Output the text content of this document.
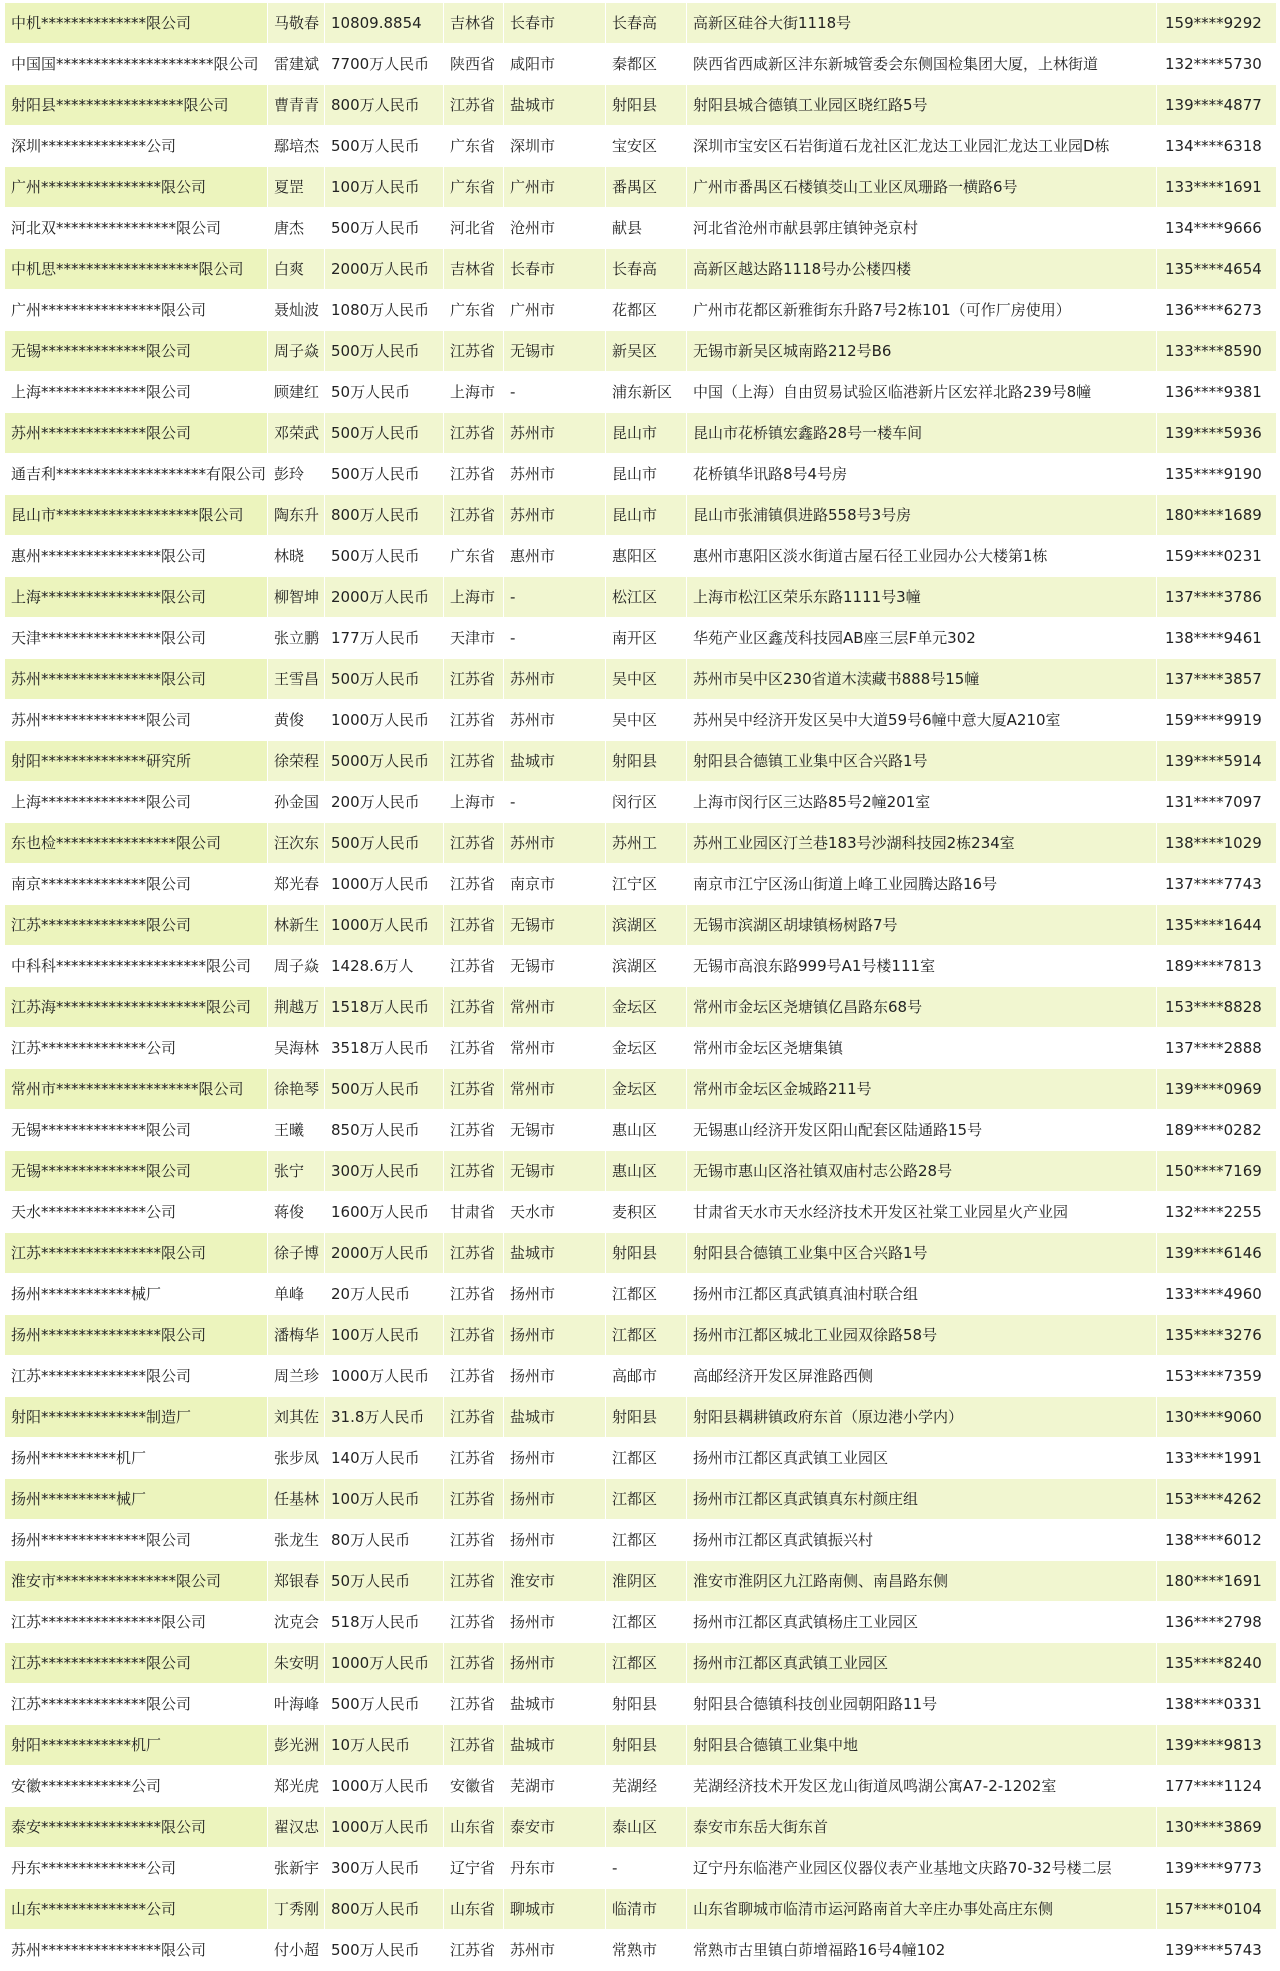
中机**************限公司	马敬春	10809.8854	吉林省	长春市	长春高	高新区硅谷大街1118号	159****9292
中国国*********************限公司	雷建斌	7700万人民币	陕西省	咸阳市	秦都区	陕西省西咸新区沣东新城管委会东侧国检集团大厦，上林街道	132****5730
射阳县*****************限公司	曹青青	800万人民币	江苏省	盐城市	射阳县	射阳县城合德镇工业园区晓红路5号	139****4877
深圳**************公司	鄢培杰	500万人民币	广东省	深圳市	宝安区	深圳市宝安区石岩街道石龙社区汇龙达工业园汇龙达工业园D栋	134****6318
广州****************限公司	夏罡	100万人民币	广东省	广州市	番禺区	广州市番禺区石楼镇茭山工业区凤珊路一横路6号	133****1691
河北双****************限公司	唐杰	500万人民币	河北省	沧州市	献县	河北省沧州市献县郭庄镇钟尧京村	134****9666
中机思*******************限公司	白爽	2000万人民币	吉林省	长春市	长春高	高新区越达路1118号办公楼四楼	135****4654
广州****************限公司	聂灿波	1080万人民币	广东省	广州市	花都区	广州市花都区新雅街东升路7号2栋101（可作厂房使用）	136****6273
无锡**************限公司	周子焱	500万人民币	江苏省	无锡市	新吴区	无锡市新吴区城南路212号B6	133****8590
上海**************限公司	顾建红	50万人民币	上海市	-	浦东新区	中国（上海）自由贸易试验区临港新片区宏祥北路239号8幢	136****9381
苏州**************限公司	邓荣武	500万人民币	江苏省	苏州市	昆山市	昆山市花桥镇宏鑫路28号一楼车间	139****5936
通吉利********************有限公司	彭玲	500万人民币	江苏省	苏州市	昆山市	花桥镇华讯路8号4号房	135****9190
昆山市*******************限公司	陶东升	800万人民币	江苏省	苏州市	昆山市	昆山市张浦镇俱进路558号3号房	180****1689
惠州****************限公司	林晓	500万人民币	广东省	惠州市	惠阳区	惠州市惠阳区淡水街道古屋石径工业园办公大楼第1栋	159****0231
上海****************限公司	柳智坤	2000万人民币	上海市	-	松江区	上海市松江区荣乐东路1111号3幢	137****3786
天津****************限公司	张立鹏	177万人民币	天津市	-	南开区	华苑产业区鑫茂科技园AB座三层F单元302	138****9461
苏州****************限公司	王雪昌	500万人民币	江苏省	苏州市	吴中区	苏州市吴中区230省道木渎藏书888号15幢	137****3857
苏州**************限公司	黄俊	1000万人民币	江苏省	苏州市	吴中区	苏州吴中经济开发区吴中大道59号6幢中意大厦A210室	159****9919
射阳**************研究所	徐荣程	5000万人民币	江苏省	盐城市	射阳县	射阳县合德镇工业集中区合兴路1号	139****5914
上海**************限公司	孙金国	200万人民币	上海市	-	闵行区	上海市闵行区三达路85号2幢201室	131****7097
东也检****************限公司	汪次东	500万人民币	江苏省	苏州市	苏州工	苏州工业园区汀兰巷183号沙湖科技园2栋234室	138****1029
南京**************限公司	郑光春	1000万人民币	江苏省	南京市	江宁区	南京市江宁区汤山街道上峰工业园腾达路16号	137****7743
江苏**************限公司	林新生	1000万人民币	江苏省	无锡市	滨湖区	无锡市滨湖区胡埭镇杨树路7号	135****1644
中科科********************限公司	周子焱	1428.6万人	江苏省	无锡市	滨湖区	无锡市高浪东路999号A1号楼111室	189****7813
江苏海********************限公司	荆越万	1518万人民币	江苏省	常州市	金坛区	常州市金坛区尧塘镇亿昌路东68号	153****8828
江苏**************公司	吴海林	3518万人民币	江苏省	常州市	金坛区	常州市金坛区尧塘集镇	137****2888
常州市*******************限公司	徐艳琴	500万人民币	江苏省	常州市	金坛区	常州市金坛区金城路211号	139****0969
无锡**************限公司	王曦	850万人民币	江苏省	无锡市	惠山区	无锡惠山经济开发区阳山配套区陆通路15号	189****0282
无锡**************限公司	张宁	300万人民币	江苏省	无锡市	惠山区	无锡市惠山区洛社镇双庙村志公路28号	150****7169
天水**************公司	蒋俊	1600万人民币	甘肃省	天水市	麦积区	甘肃省天水市天水经济技术开发区社棠工业园星火产业园	132****2255
江苏****************限公司	徐子博	2000万人民币	江苏省	盐城市	射阳县	射阳县合德镇工业集中区合兴路1号	139****6146
扬州************械厂	单峰	20万人民币	江苏省	扬州市	江都区	扬州市江都区真武镇真油村联合组	133****4960
扬州****************限公司	潘梅华	100万人民币	江苏省	扬州市	江都区	扬州市江都区城北工业园双徐路58号	135****3276
江苏**************限公司	周兰珍	1000万人民币	江苏省	扬州市	高邮市	高邮经济开发区屏淮路西侧	153****7359
射阳**************制造厂	刘其佐	31.8万人民币	江苏省	盐城市	射阳县	射阳县耦耕镇政府东首（原边港小学内）	130****9060
扬州**********机厂	张步凤	140万人民币	江苏省	扬州市	江都区	扬州市江都区真武镇工业园区	133****1991
扬州**********械厂	任基林	100万人民币	江苏省	扬州市	江都区	扬州市江都区真武镇真东村颜庄组	153****4262
扬州**************限公司	张龙生	80万人民币	江苏省	扬州市	江都区	扬州市江都区真武镇振兴村	138****6012
淮安市****************限公司	郑银春	50万人民币	江苏省	淮安市	淮阴区	淮安市淮阴区九江路南侧、南昌路东侧	180****1691
江苏****************限公司	沈克会	518万人民币	江苏省	扬州市	江都区	扬州市江都区真武镇杨庄工业园区	136****2798
江苏**************限公司	朱安明	1000万人民币	江苏省	扬州市	江都区	扬州市江都区真武镇工业园区	135****8240
江苏**************限公司	叶海峰	500万人民币	江苏省	盐城市	射阳县	射阳县合德镇科技创业园朝阳路11号	138****0331
射阳************机厂	彭光洲	10万人民币	江苏省	盐城市	射阳县	射阳县合德镇工业集中地	139****9813
安徽************公司	郑光虎	1000万人民币	安徽省	芜湖市	芜湖经	芜湖经济技术开发区龙山街道凤鸣湖公寓A7-2-1202室	177****1124
泰安****************限公司	翟汉忠	1000万人民币	山东省	泰安市	泰山区	泰安市东岳大街东首	130****3869
丹东**************公司	张新宇	300万人民币	辽宁省	丹东市	-	辽宁丹东临港产业园区仪器仪表产业基地文庆路70-32号楼二层	139****9773
山东**************公司	丁秀刚	800万人民币	山东省	聊城市	临清市	山东省聊城市临清市运河路南首大辛庄办事处高庄东侧	157****0104
苏州****************限公司	付小超	500万人民币	江苏省	苏州市	常熟市	常熟市古里镇白茆增福路16号4幢102	139****5743
